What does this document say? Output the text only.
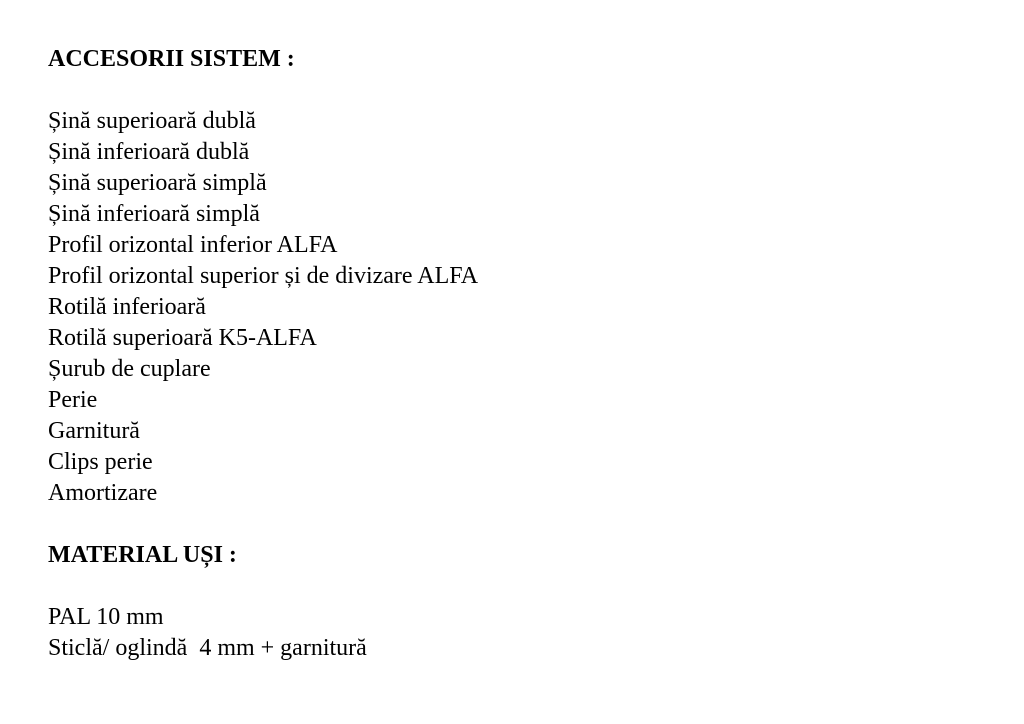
ACCESORII SISTEM :
Șină superioară dublă
Șină inferioară dublă
Șină superioară simplă
Șină inferioară simplă
Profil orizontal inferior ALFA
Profil orizontal superior și de divizare ALFA
Rotilă inferioară
Rotilă superioară K5-ALFA
Șurub de cuplare
Perie
Garnitură
Clips perie
Amortizare
MATERIAL UȘI :
PAL 10 mm
Sticlă/ oglindă  4 mm + garnitură
